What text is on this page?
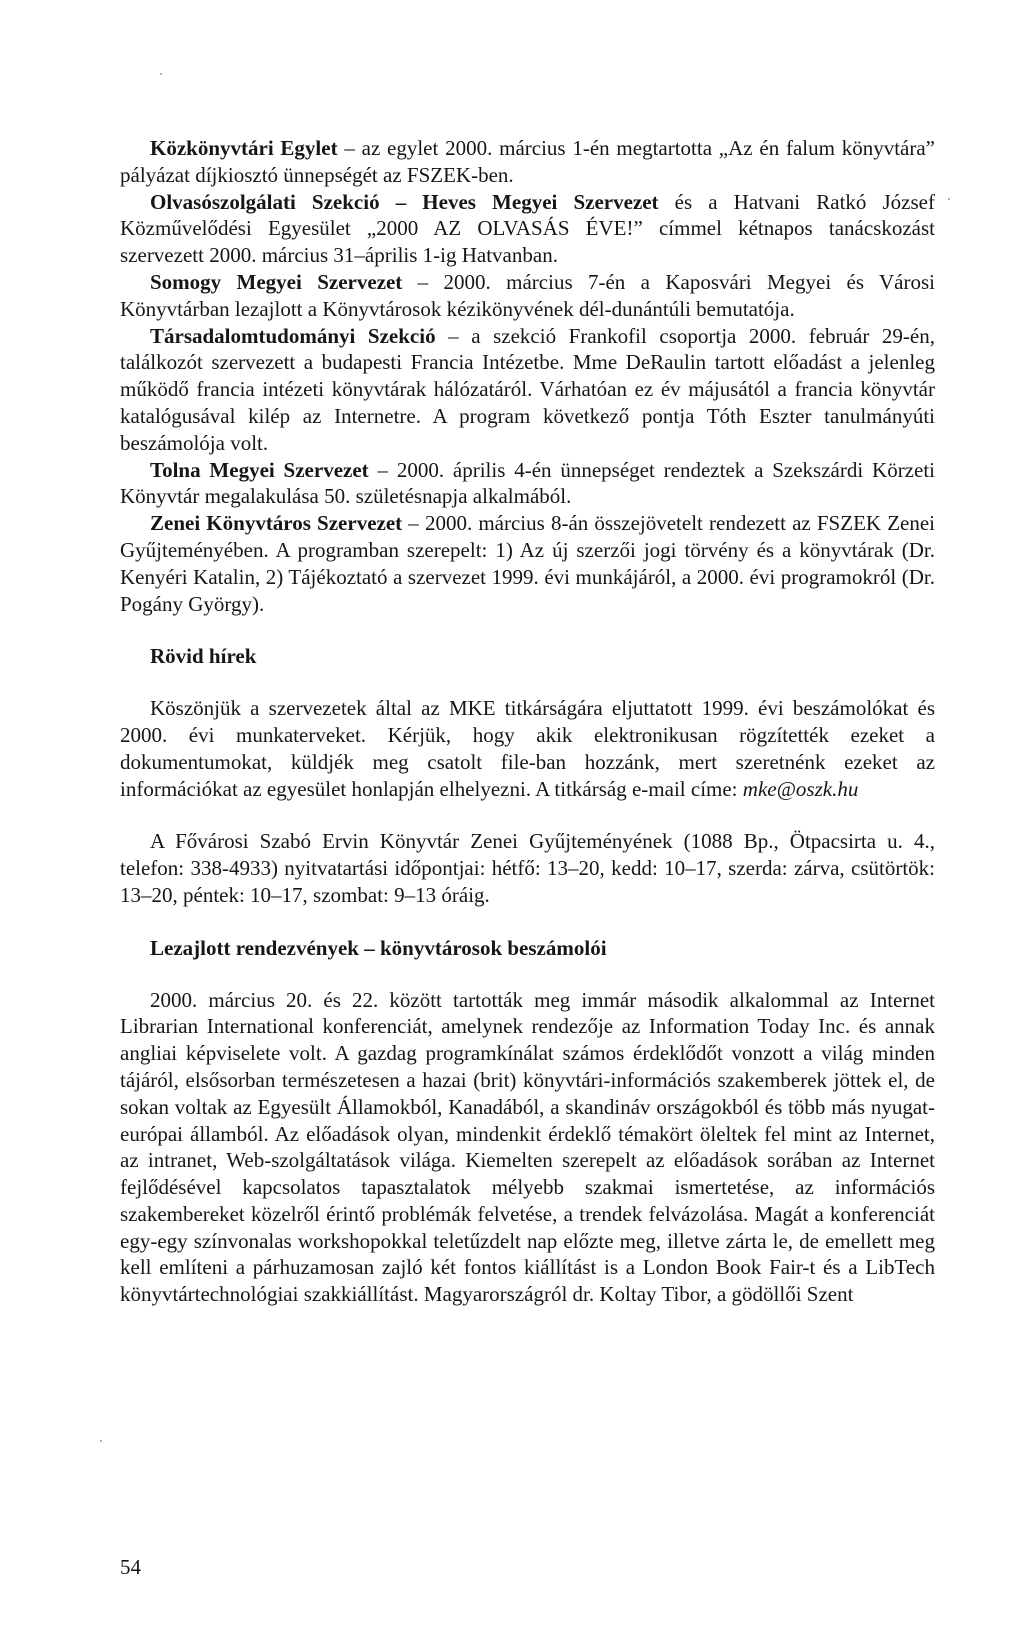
Közkönyvtári Egylet – az egylet 2000. március 1-én megtartotta „Az én falum könyvtára” pályázat díjkiosztó ünnepségét az FSZEK-ben.

Olvasószolgálati Szekció – Heves Megyei Szervezet és a Hatvani Ratkó József Közművelődési Egyesület „2000 AZ OLVASÁS ÉVE!” címmel kétnapos tanácskozást szervezett 2000. március 31–április 1-ig Hatvanban.

Somogy Megyei Szervezet – 2000. március 7-én a Kaposvári Megyei és Városi Könyvtárban lezajlott a Könyvtárosok kézikönyvének dél-dunántúli bemutatója.

Társadalomtudományi Szekció – a szekció Frankofil csoportja 2000. február 29-én, találkozót szervezett a budapesti Francia Intézetbe. Mme DeRaulin tartott előadást a jelenleg működő francia intézeti könyvtárak hálózatáról. Várhatóan ez év májusától a francia könyvtár katalógusával kilép az Internetre. A program következő pontja Tóth Eszter tanulmányúti beszámolója volt.

Tolna Megyei Szervezet – 2000. április 4-én ünnepséget rendeztek a Szekszárdi Körzeti Könyvtár megalakulása 50. születésnapja alkalmából.

Zenei Könyvtáros Szervezet – 2000. március 8-án összejövetelt rendezett az FSZEK Zenei Gyűjteményében. A programban szerepelt: 1) Az új szerzői jogi törvény és a könyvtárak (Dr. Kenyéri Katalin, 2) Tájékoztató a szervezet 1999. évi munkájáról, a 2000. évi programokról (Dr. Pogány György).

Rövid hírek

Köszönjük a szervezetek által az MKE titkárságára eljuttatott 1999. évi beszámolókat és 2000. évi munkaterveket. Kérjük, hogy akik elektronikusan rögzítették ezeket a dokumentumokat, küldjék meg csatolt file-ban hozzánk, mert szeretnénk ezeket az információkat az egyesület honlapján elhelyezni. A titkárság e-mail címe: mke@oszk.hu

A Fővárosi Szabó Ervin Könyvtár Zenei Gyűjteményének (1088 Bp., Ötpacsirta u. 4., telefon: 338-4933) nyitvatartási időpontjai: hétfő: 13–20, kedd: 10–17, szerda: zárva, csütörtök: 13–20, péntek: 10–17, szombat: 9–13 óráig.

Lezajlott rendezvények – könyvtárosok beszámolói

2000. március 20. és 22. között tartották meg immár második alkalommal az Internet Librarian International konferenciát, amelynek rendezője az Information Today Inc. és annak angliai képviselete volt. A gazdag programkínálat számos érdeklődőt vonzott a világ minden tájáról, elsősorban természetesen a hazai (brit) könyvtári-információs szakemberek jöttek el, de sokan voltak az Egyesült Államokból, Kanadából, a skandináv országokból és több más nyugat-európai államból. Az előadások olyan, mindenkit érdeklő témakört öleltek fel mint az Internet, az intranet, Web-szolgáltatások világa. Kiemelten szerepelt az előadások sorában az Internet fejlődésével kapcsolatos tapasztalatok mélyebb szakmai ismertetése, az információs szakembereket közelről érintő problémák felvetése, a trendek felvázolása. Magát a konferenciát egy-egy színvonalas workshopokkal teletűzdelt nap előzte meg, illetve zárta le, de emellett meg kell említeni a párhuzamosan zajló két fontos kiállítást is a London Book Fair-t és a LibTech könyvtártechnológiai szakkiállítást. Magyarországról dr. Koltay Tibor, a gödöllői Szent

54
